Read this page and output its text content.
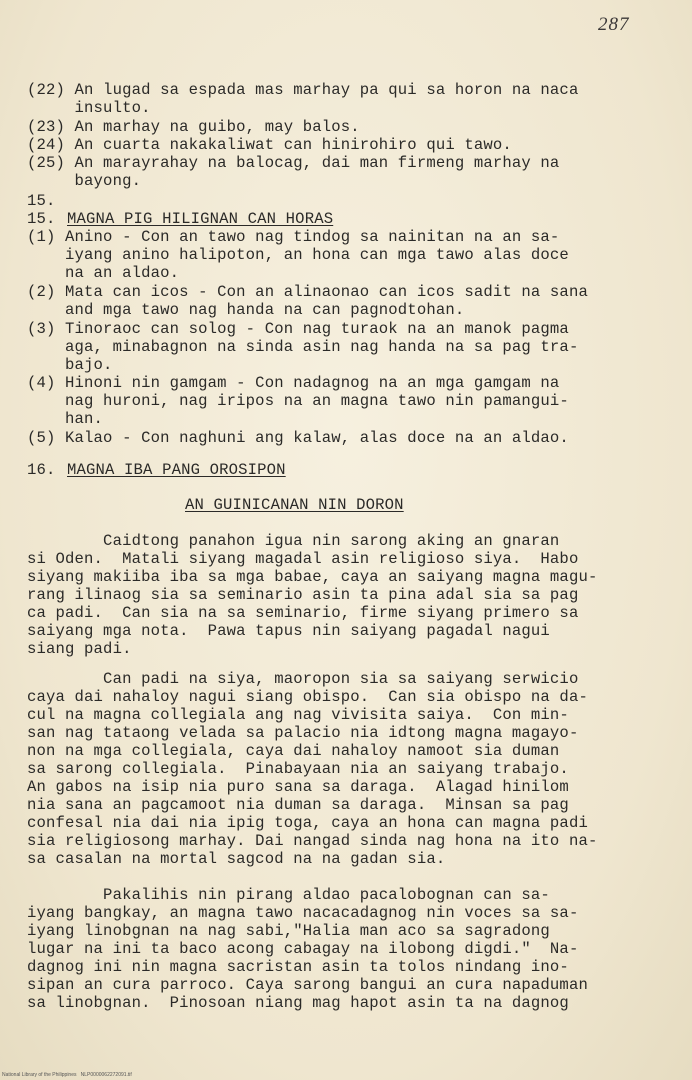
287
(22) An lugad sa espada mas marhay pa qui sa horon na naca
insulto.
(23) An marhay na guibo, may balos.
(24) An cuarta nakakaliwat can hinirohiro qui tawo.
(25) An marayrahay na balocag, dai man firmeng marhay na
bayong.
15.
15. MAGNA PIG HILIGNAN CAN HORAS
(1) Anino - Con an tawo nag tindog sa nainitan na an sa-
iyang anino halipoton, an hona can mga tawo alas doce
na an aldao.
(2) Mata can icos - Con an alinaonao can icos sadit na sana
and mga tawo nag handa na can pagnodtohan.
(3) Tinoraoc can solog - Con nag turaok na an manok pagma
aga, minabagnon na sinda asin nag handa na sa pag tra-
bajo.
(4) Hinoni nin gamgam - Con nadagnog na an mga gamgam na
nag huroni, nag iripos na an magna tawo nin pamangui-
han.
(5) Kalao - Con naghuni ang kalaw, alas doce na an aldao.
16. MAGNA IBA PANG OROSIPON
AN GUINICANAN NIN DORON
Caidtong panahon igua nin sarong aking an gnaran
si Oden.  Matali siyang magadal asin religioso siya.  Habo
siyang makiiba iba sa mga babae, caya an saiyang magna magu-
rang ilinaog sia sa seminario asin ta pina adal sia sa pag
ca padi.  Can sia na sa seminario, firme siyang primero sa
saiyang mga nota.  Pawa tapus nin saiyang pagadal nagui
siang padi.
Can padi na siya, maoropon sia sa saiyang serwicio
caya dai nahaloy nagui siang obispo.  Can sia obispo na da-
cul na magna collegiala ang nag vivisita saiya.  Con min-
san nag tataong velada sa palacio nia idtong magna magayo-
non na mga collegiala, caya dai nahaloy namoot sia duman
sa sarong collegiala.  Pinabayaan nia an saiyang trabajo.
An gabos na isip nia puro sana sa daraga.  Alagad hinilom
nia sana an pagcamoot nia duman sa daraga.  Minsan sa pag
confesal nia dai nia ipig toga, caya an hona can magna padi
sia religiosong marhay. Dai nangad sinda nag hona na ito na-
sa casalan na mortal sagcod na na gadan sia.
Pakalihis nin pirang aldao pacalobognan can sa-
iyang bangkay, an magna tawo nacacadagnog nin voces sa sa-
iyang linobgnan na nag sabi,"Halia man aco sa sagradong
lugar na ini ta baco acong cabagay na ilobong digdi."  Na-
dagnog ini nin magna sacristan asin ta tolos nindang ino-
sipan an cura parroco. Caya sarong bangui an cura napaduman
sa linobgnan.  Pinosoan niang mag hapot asin ta na dagnog
National Library of the Philippines   NLP0000062272091.tif
